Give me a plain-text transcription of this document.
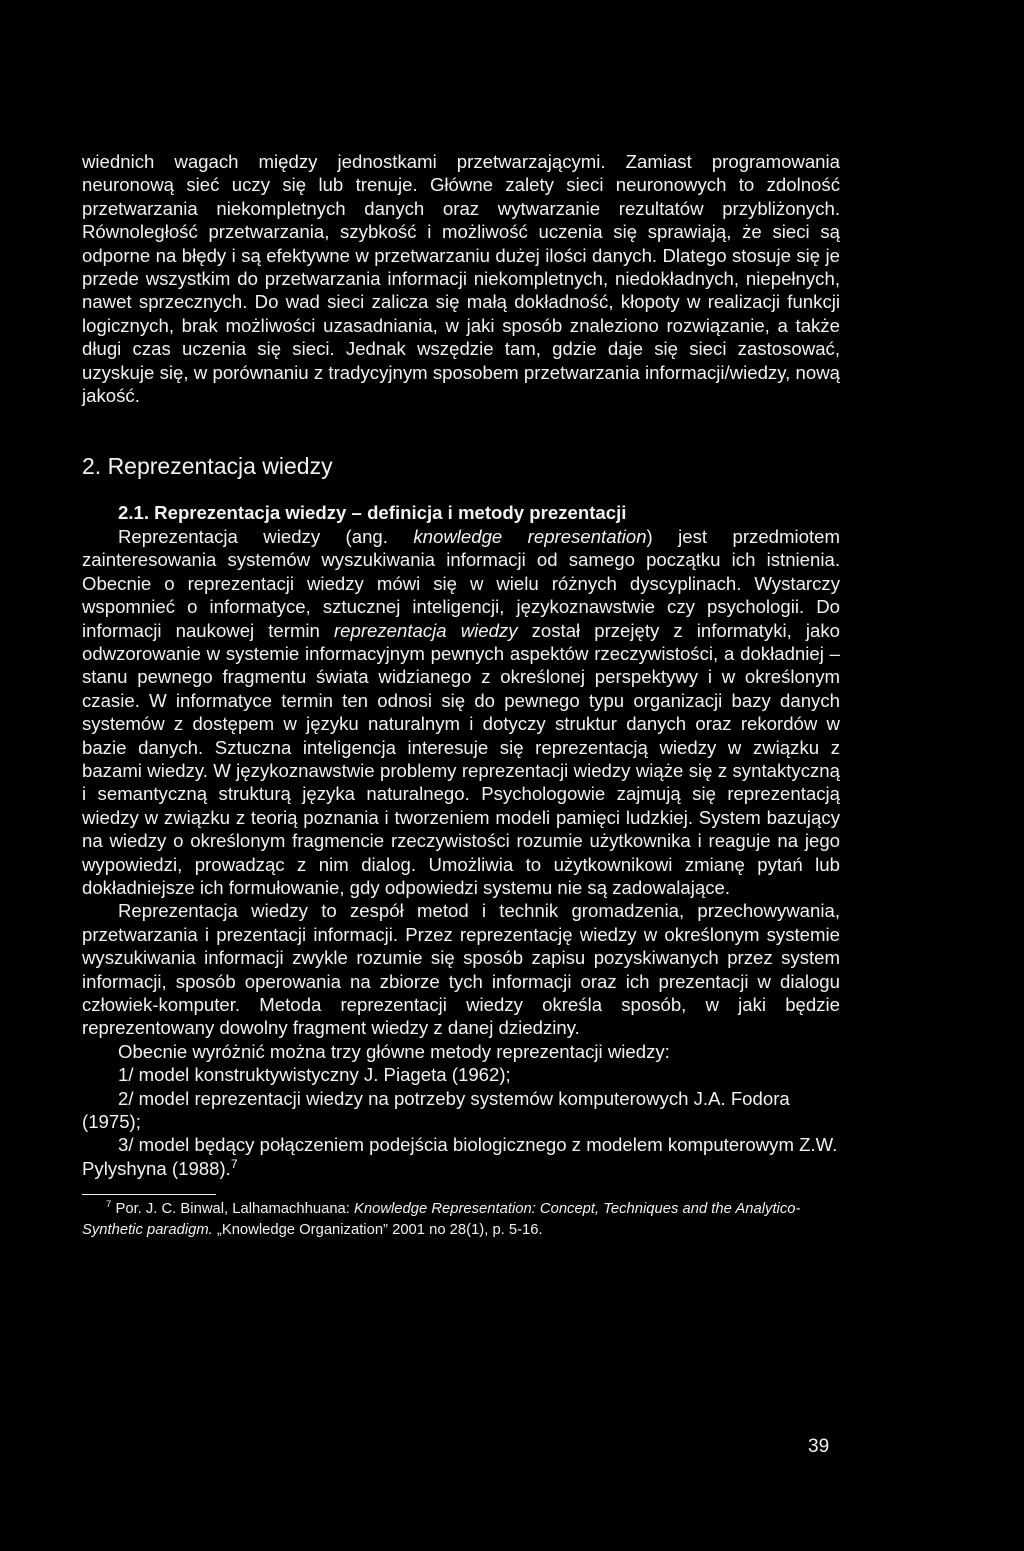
wiednich wagach między jednostkami przetwarzającymi. Zamiast programowania neuronową sieć uczy się lub trenuje. Główne zalety sieci neuronowych to zdolność przetwarzania niekompletnych danych oraz wytwarzanie rezultatów przybliżonych. Równoległość przetwarzania, szybkość i możliwość uczenia się sprawiają, że sieci są odporne na błędy i są efektywne w przetwarzaniu dużej ilości danych. Dlatego stosuje się je przede wszystkim do przetwarzania informacji niekompletnych, niedokładnych, niepełnych, nawet sprzecznych. Do wad sieci zalicza się małą dokładność, kłopoty w realizacji funkcji logicznych, brak możliwości uzasadniania, w jaki sposób znaleziono rozwiązanie, a także długi czas uczenia się sieci. Jednak wszędzie tam, gdzie daje się sieci zastosować, uzyskuje się, w porównaniu z tradycyjnym sposobem przetwarzania informacji/wiedzy, nową jakość.

2. Reprezentacja wiedzy
2.1. Reprezentacja wiedzy – definicja i metody prezentacji

Reprezentacja wiedzy (ang. knowledge representation) jest przedmiotem zainteresowania systemów wyszukiwania informacji od samego początku ich istnienia. Obecnie o reprezentacji wiedzy mówi się w wielu różnych dyscyplinach. Wystarczy wspomnieć o informatyce, sztucznej inteligencji, językoznawstwie czy psychologii. Do informacji naukowej termin reprezentacja wiedzy został przejęty z informatyki, jako odwzorowanie w systemie informacyjnym pewnych aspektów rzeczywistości, a dokładniej – stanu pewnego fragmentu świata widzianego z określonej perspektywy i w określonym czasie. W informatyce termin ten odnosi się do pewnego typu organizacji bazy danych systemów z dostępem w języku naturalnym i dotyczy struktur danych oraz rekordów w bazie danych. Sztuczna inteligencja interesuje się reprezentacją wiedzy w związku z bazami wiedzy. W językoznawstwie problemy reprezentacji wiedzy wiąże się z syntaktyczną i semantyczną strukturą języka naturalnego. Psychologowie zajmują się reprezentacją wiedzy w związku z teorią poznania i tworzeniem modeli pamięci ludzkiej. System bazujący na wiedzy o określonym fragmencie rzeczywistości rozumie użytkownika i reaguje na jego wypowiedzi, prowadząc z nim dialog. Umożliwia to użytkownikowi zmianę pytań lub dokładniejsze ich formułowanie, gdy odpowiedzi systemu nie są zadowalające.

Reprezentacja wiedzy to zespół metod i technik gromadzenia, przechowywania, przetwarzania i prezentacji informacji. Przez reprezentację wiedzy w określonym systemie wyszukiwania informacji zwykle rozumie się sposób zapisu pozyskiwanych przez system informacji, sposób operowania na zbiorze tych informacji oraz ich prezentacji w dialogu człowiek-komputer. Metoda reprezentacji wiedzy określa sposób, w jaki będzie reprezentowany dowolny fragment wiedzy z danej dziedziny.

Obecnie wyróżnić można trzy główne metody reprezentacji wiedzy:

1/ model konstruktywistyczny J. Piageta (1962);

2/ model reprezentacji wiedzy na potrzeby systemów komputerowych J.A. Fodora (1975);

3/ model będący połączeniem podejścia biologicznego z modelem komputerowym Z.W. Pylyshyna (1988).$^7$

$^7$ Por. J. C. Binwal, Lalhamachhuana: Knowledge Representation: Concept, Techniques and the Analytico-Synthetic paradigm. „Knowledge Organization” 2001 no 28(1), p. 5-16.

39
